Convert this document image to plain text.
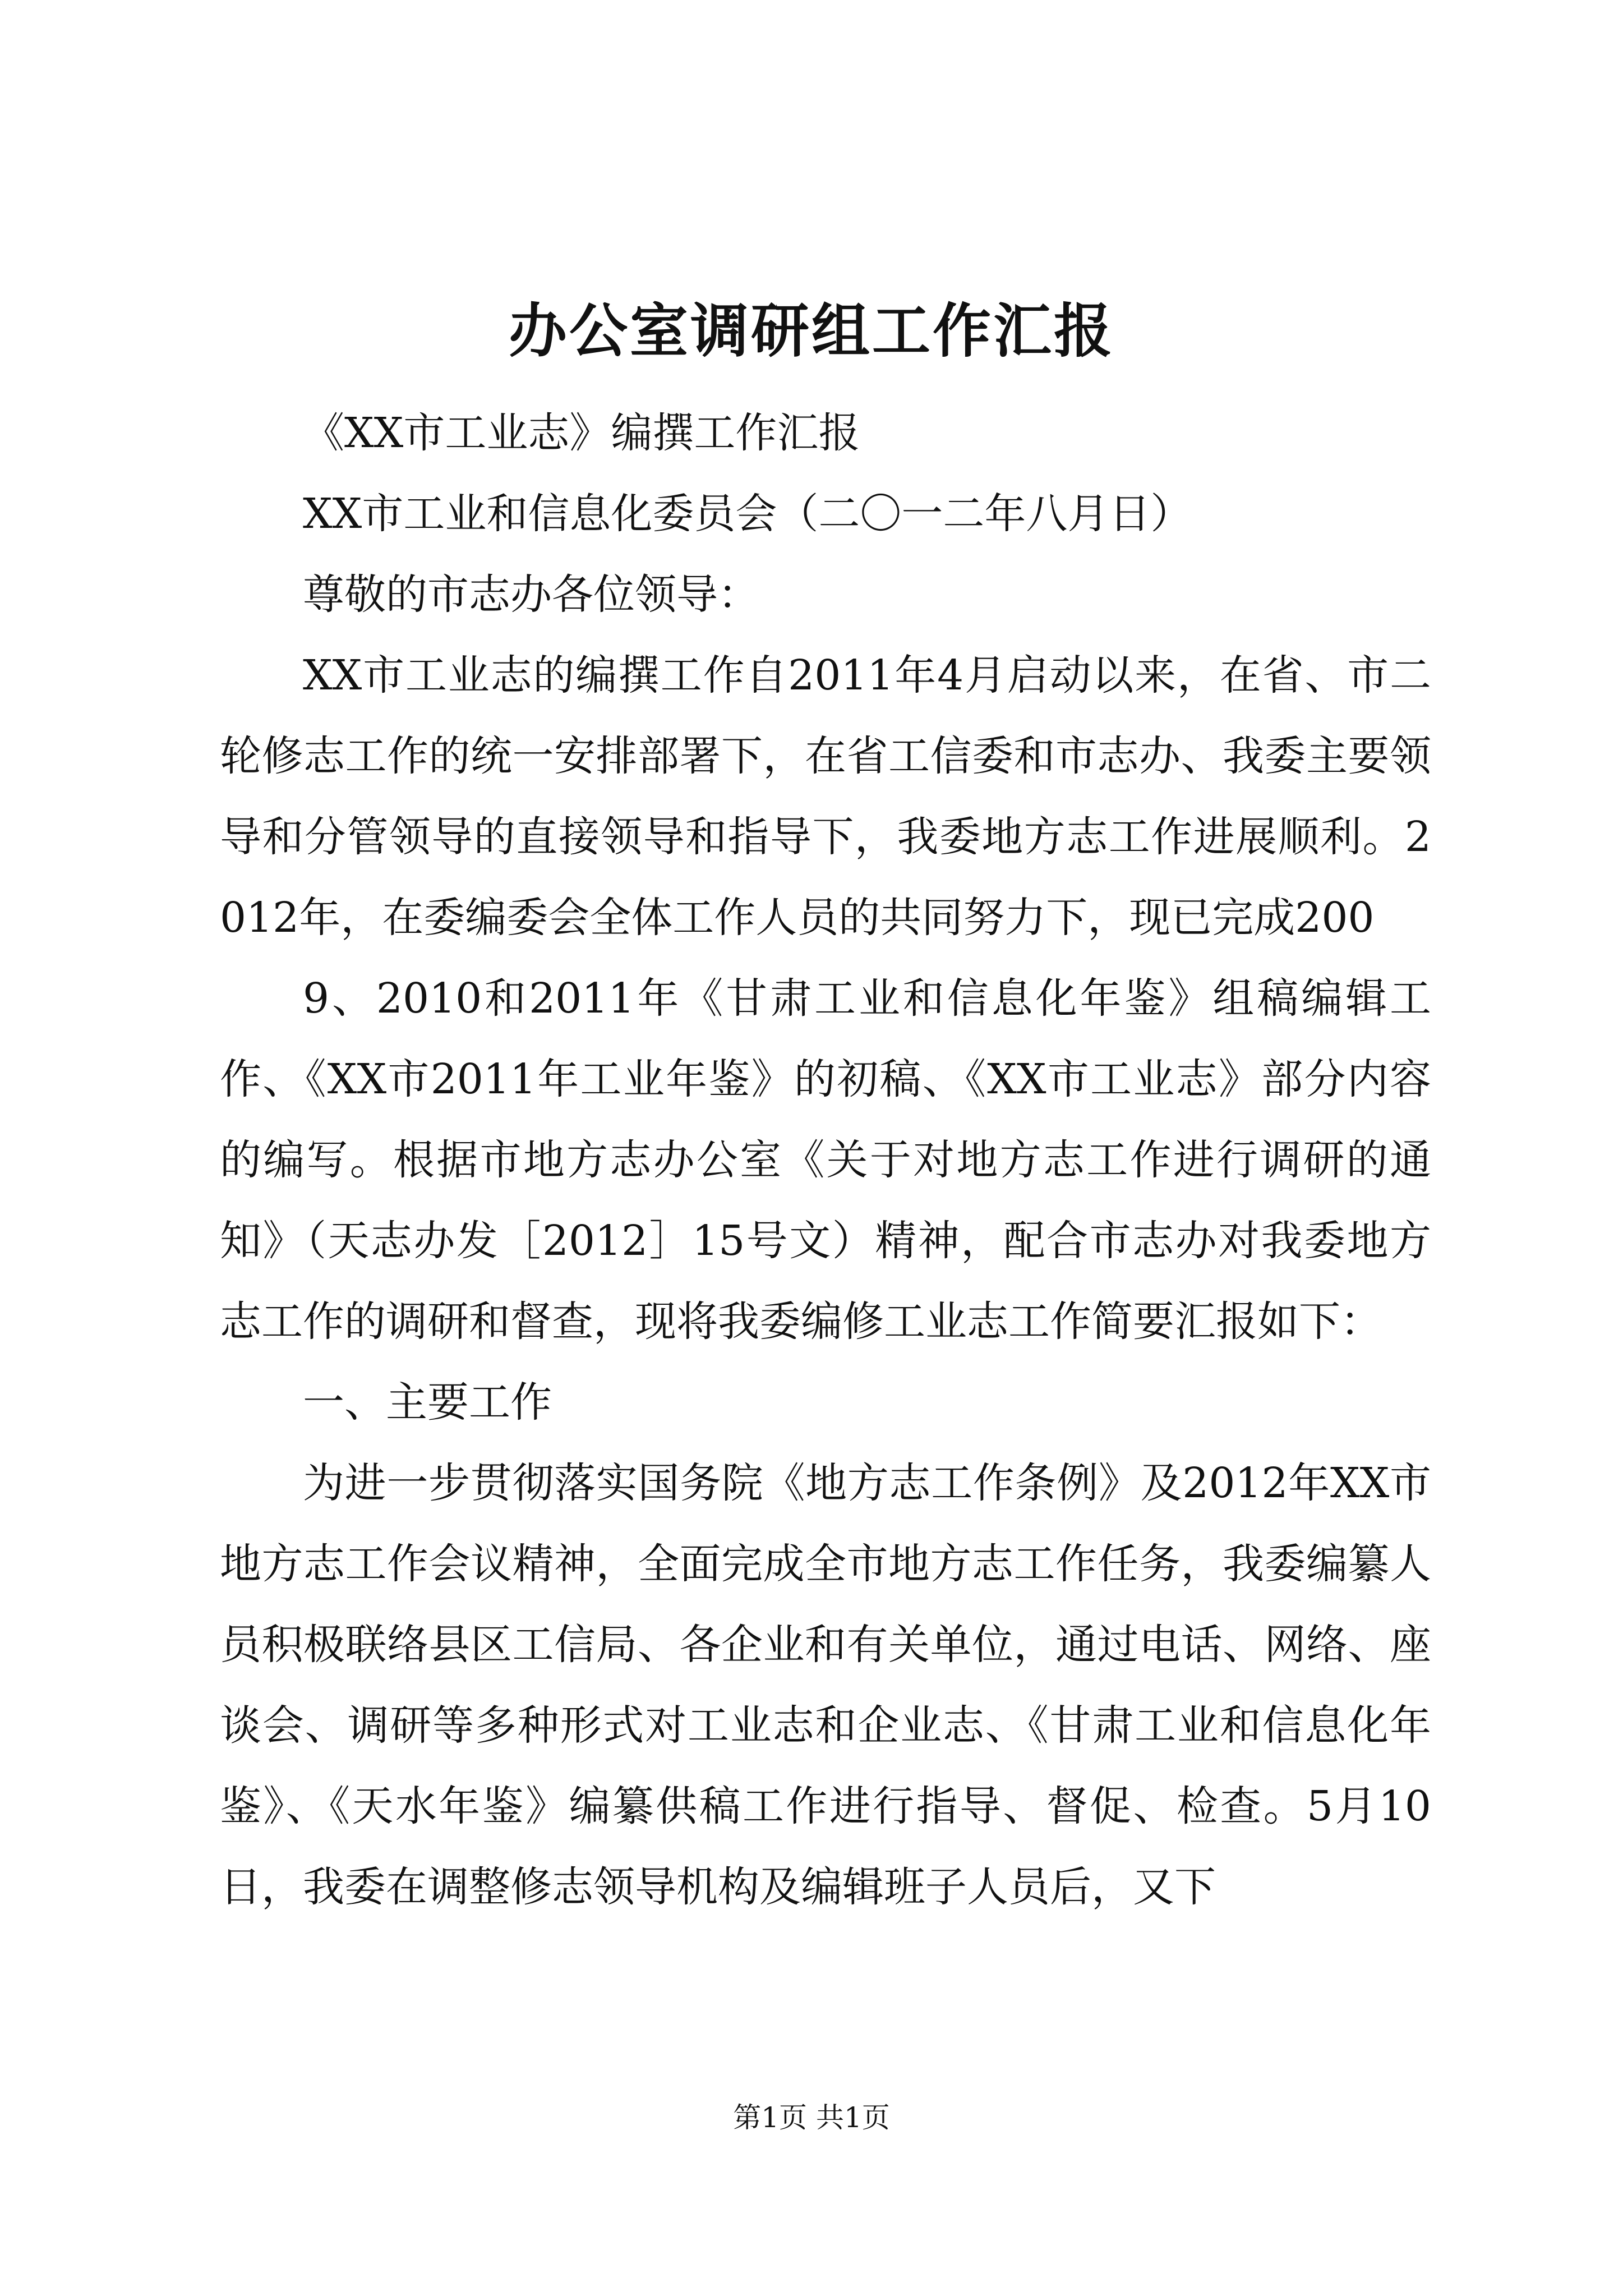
办公室调研组工作汇报

《XX市工业志》编撰工作汇报

XX市工业和信息化委员会（二〇一二年八月日）

尊敬的市志办各位领导：

XX市工业志的编撰工作自2011年4月启动以来，在省、市二轮修志工作的统一安排部署下，在省工信委和市志办、我委主要领导和分管领导的直接领导和指导下，我委地方志工作进展顺利。2012年，在委编委会全体工作人员的共同努力下，现已完成200

9、2010和2011年《甘肃工业和信息化年鉴》组稿编辑工作、《XX市2011年工业年鉴》的初稿、《XX市工业志》部分内容的编写。根据市地方志办公室《关于对地方志工作进行调研的通知》（天志办发［2012］15号文）精神，配合市志办对我委地方志工作的调研和督查，现将我委编修工业志工作简要汇报如下：

一、主要工作

为进一步贯彻落实国务院《地方志工作条例》及2012年XX市地方志工作会议精神，全面完成全市地方志工作任务，我委编纂人员积极联络县区工信局、各企业和有关单位，通过电话、网络、座谈会、调研等多种形式对工业志和企业志、《甘肃工业和信息化年鉴》、《天水年鉴》编纂供稿工作进行指导、督促、检查。5月10日，我委在调整修志领导机构及编辑班子人员后，又下

第1页 共1页
